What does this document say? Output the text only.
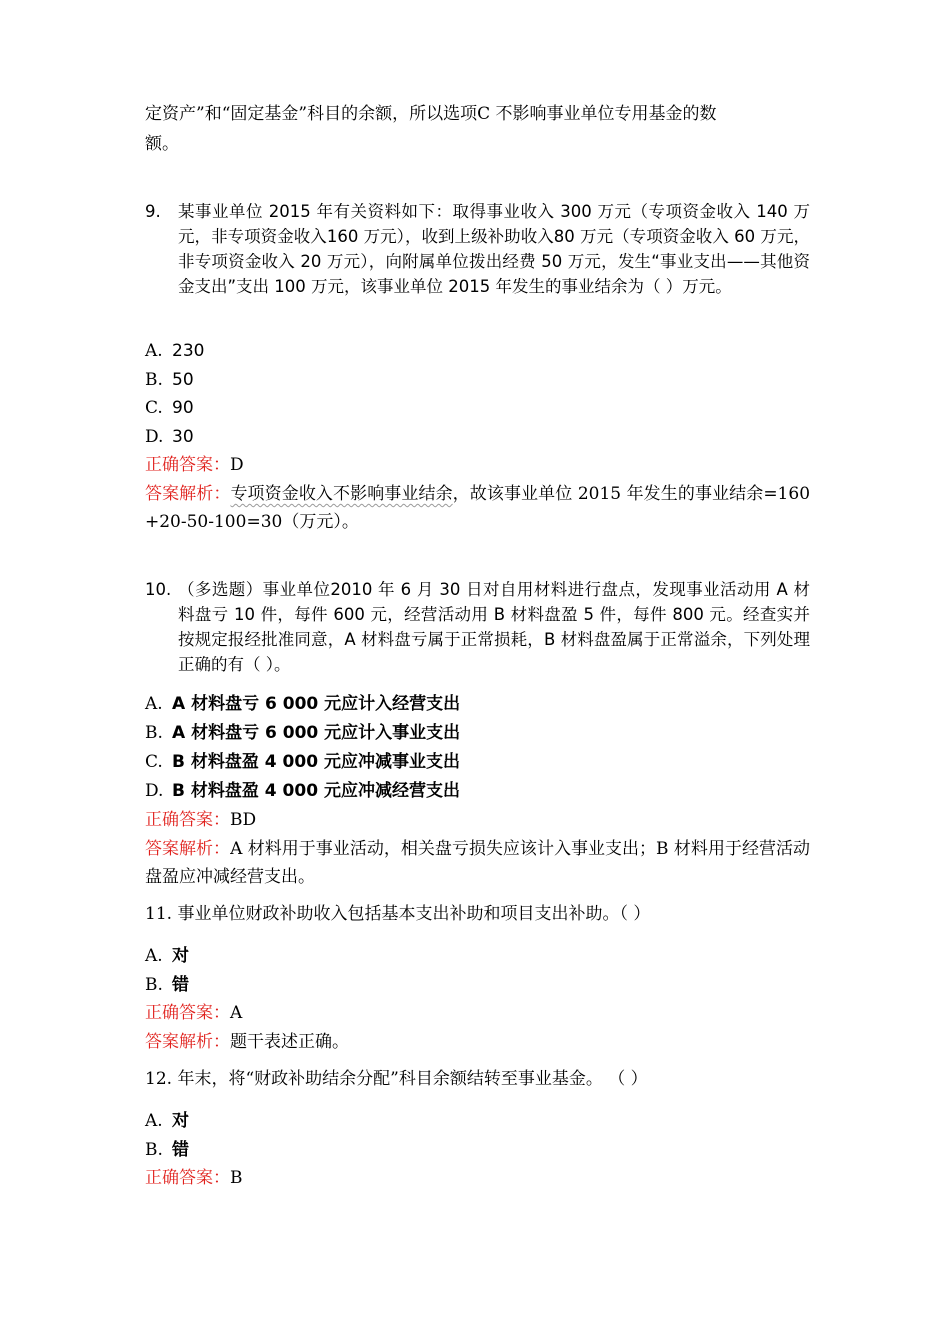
定资产”和“固定基金”科目的余额，所以选项C 不影响事业单位专用基金的数
额。
9. 某事业单位 2015 年有关资料如下：取得事业收入 300 万元（专项资金收入 140 万元，非专项资金收入160 万元），收到上级补助收入80 万元（专项资金收入 60 万元，非专项资金收入 20 万元），向附属单位拨出经费 50 万元，发生“事业支出——其他资金支出”支出 100 万元，该事业单位 2015 年发生的事业结余为（ ）万元。
A. 230
B. 50
C. 90
D. 30
正确答案：D
答案解析：专项资金收入不影响事业结余，故该事业单位 2015 年发生的事业结余=160+20-50-100=30（万元）。
10. （多选题）事业单位2010 年 6 月 30 日对自用材料进行盘点，发现事业活动用 A 材料盘亏 10 件，每件 600 元，经营活动用 B 材料盘盈 5 件，每件 800 元。经查实并按规定报经批准同意，A 材料盘亏属于正常损耗，B 材料盘盈属于正常溢余，下列处理正确的有（ ）。
A. A 材料盘亏 6 000 元应计入经营支出
B. A 材料盘亏 6 000 元应计入事业支出
C. B 材料盘盈 4 000 元应冲减事业支出
D. B 材料盘盈 4 000 元应冲减经营支出
正确答案：BD
答案解析：A 材料用于事业活动，相关盘亏损失应该计入事业支出；B 材料用于经营活动盘盈应冲减经营支出。
11. 事业单位财政补助收入包括基本支出补助和项目支出补助。（ ）
A. 对
B. 错
正确答案：A
答案解析：题干表述正确。
12. 年末，将“财政补助结余分配”科目余额结转至事业基金。 （ ）
A. 对
B. 错
正确答案：B
